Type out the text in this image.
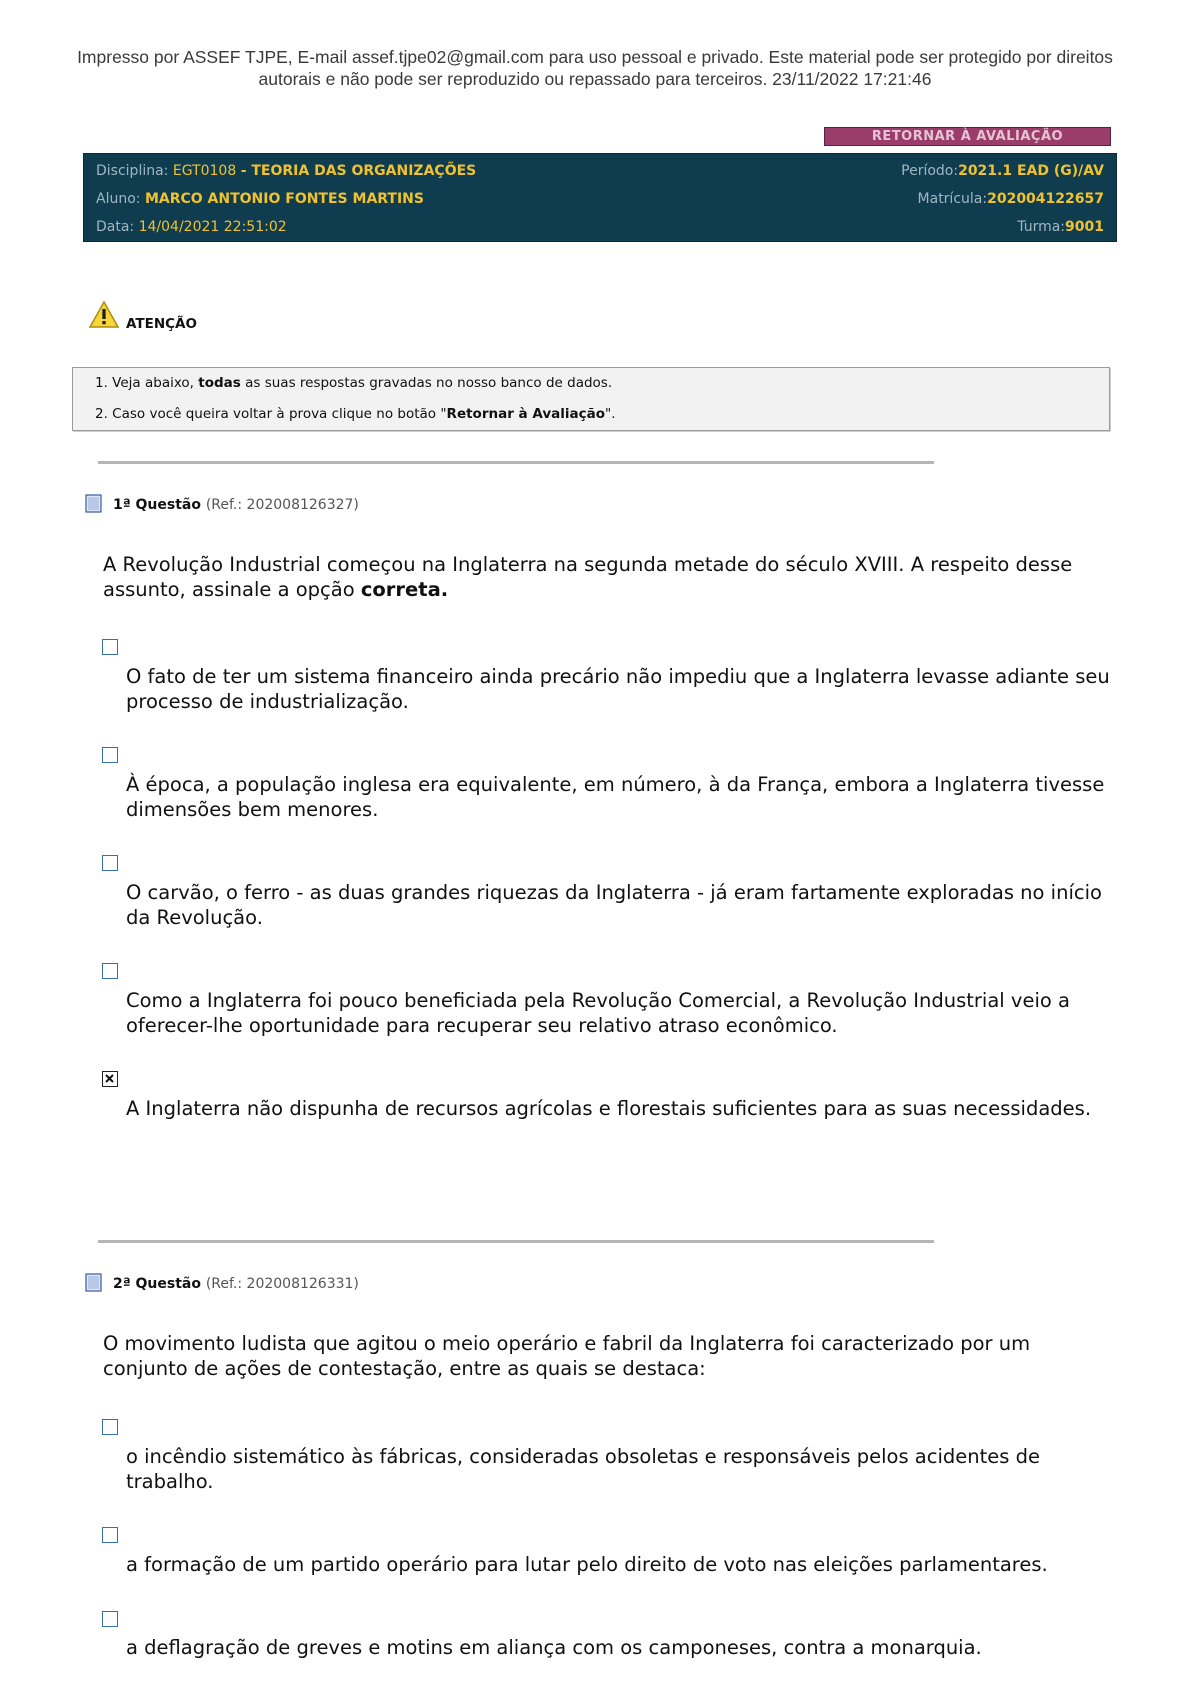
Impresso por ASSEF TJPE, E-mail assef.tjpe02@gmail.com para uso pessoal e privado. Este material pode ser protegido por direitos
autorais e não pode ser reproduzido ou repassado para terceiros. 23/11/2022 17:21:46
RETORNAR À AVALIAÇÃO
Disciplina: EGT0108 - TEORIA DAS ORGANIZAÇÕES	Período:2021.1 EAD (G)/AV
Aluno: MARCO ANTONIO FONTES MARTINS	Matrícula:202004122657
Data: 14/04/2021 22:51:02	Turma:9001
ATENÇÃO
1. Veja abaixo, todas as suas respostas gravadas no nosso banco de dados.
2. Caso você queira voltar à prova clique no botão "Retornar à Avaliação".
1ª Questão (Ref.: 202008126327)
A Revolução Industrial começou na Inglaterra na segunda metade do século XVIII. A respeito desse assunto, assinale a opção correta.
O fato de ter um sistema financeiro ainda precário não impediu que a Inglaterra levasse adiante seu processo de industrialização.
À época, a população inglesa era equivalente, em número, à da França, embora a Inglaterra tivesse dimensões bem menores.
O carvão, o ferro - as duas grandes riquezas da Inglaterra - já eram fartamente exploradas no início da Revolução.
Como a Inglaterra foi pouco beneficiada pela Revolução Comercial, a Revolução Industrial veio a oferecer-lhe oportunidade para recuperar seu relativo atraso econômico.
A Inglaterra não dispunha de recursos agrícolas e florestais suficientes para as suas necessidades.
2ª Questão (Ref.: 202008126331)
O movimento ludista que agitou o meio operário e fabril da Inglaterra foi caracterizado por um conjunto de ações de contestação, entre as quais se destaca:
o incêndio sistemático às fábricas, consideradas obsoletas e responsáveis pelos acidentes de trabalho.
a formação de um partido operário para lutar pelo direito de voto nas eleições parlamentares.
a deflagração de greves e motins em aliança com os camponeses, contra a monarquia.
